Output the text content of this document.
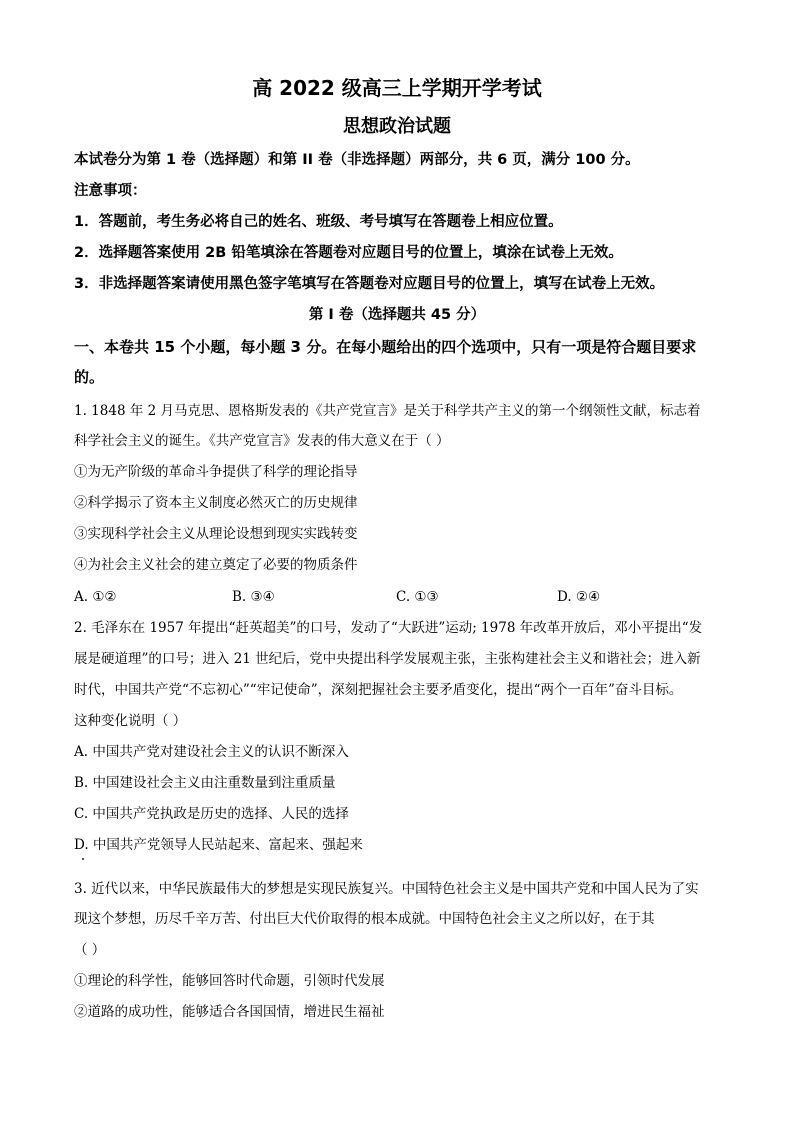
高 2022 级高三上学期开学考试
思想政治试题
本试卷分为第 1 卷（选择题）和第 II 卷（非选择题）两部分，共 6 页，满分 100 分。
注意事项：
1．答题前，考生务必将自己的姓名、班级、考号填写在答题卷上相应位置。
2．选择题答案使用 2B 铅笔填涂在答题卷对应题目号的位置上，填涂在试卷上无效。
3．非选择题答案请使用黑色签字笔填写在答题卷对应题目号的位置上，填写在试卷上无效。
第 I 卷（选择题共 45 分）
一、本卷共 15 个小题，每小题 3 分。在每小题给出的四个选项中，只有一项是符合题目要求
的。
1. 1848 年 2 月马克思、恩格斯发表的《共产党宣言》是关于科学共产主义的第一个纲领性文献，标志着
科学社会主义的诞生。《共产党宣言》发表的伟大意义在于（ ）
①为无产阶级的革命斗争提供了科学的理论指导
②科学揭示了资本主义制度必然灭亡的历史规律
③实现科学社会主义从理论设想到现实实践转变
④为社会主义社会的建立奠定了必要的物质条件
A. ①②	B. ③④	C. ①③	D. ②④
2. 毛泽东在 1957 年提出“赶英超美”的口号，发动了“大跃进”运动; 1978 年改革开放后，邓小平提出“发
展是硬道理”的口号；进入 21 世纪后，党中央提出科学发展观主张，主张构建社会主义和谐社会；进入新
时代，中国共产党“不忘初心”“牢记使命”，深刻把握社会主要矛盾变化，提出“两个一百年”奋斗目标。
这种变化说明（ ）
A. 中国共产党对建设社会主义的认识不断深入
B. 中国建设社会主义由注重数量到注重质量
C. 中国共产党执政是历史的选择、人民的选择
D. 中国共产党领导人民站起来、富起来、强起来
3. 近代以来，中华民族最伟大的梦想是实现民族复兴。中国特色社会主义是中国共产党和中国人民为了实
现这个梦想，历尽千辛万苦、付出巨大代价取得的根本成就。中国特色社会主义之所以好，在于其
（ ）
①理论的科学性，能够回答时代命题，引领时代发展
②道路的成功性，能够适合各国国情，增进民生福祉
